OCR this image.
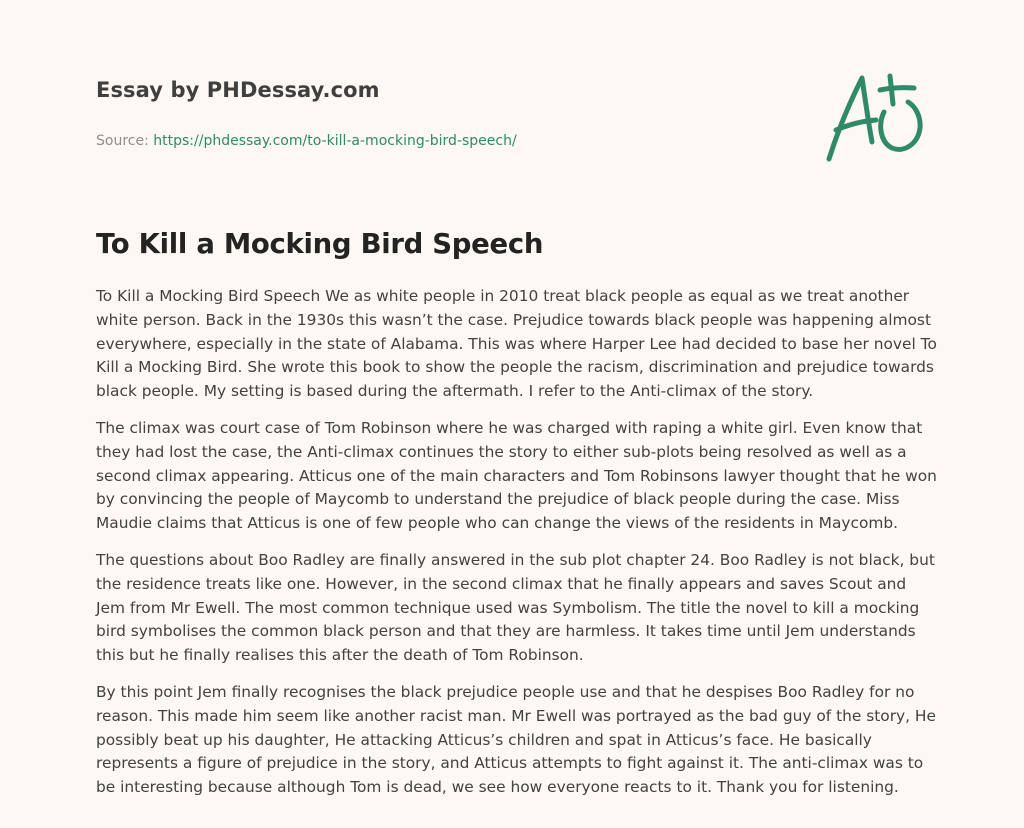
Essay by PHDessay.com
Source: https://phdessay.com/to-kill-a-mocking-bird-speech/
To Kill a Mocking Bird Speech

To Kill a Mocking Bird Speech We as white people in 2010 treat black people as equal as we treat another white person. Back in the 1930s this wasn’t the case. Prejudice towards black people was happening almost everywhere, especially in the state of Alabama. This was where Harper Lee had decided to base her novel To Kill a Mocking Bird. She wrote this book to show the people the racism, discrimination and prejudice towards black people. My setting is based during the aftermath. I refer to the Anti-climax of the story.

The climax was court case of Tom Robinson where he was charged with raping a white girl. Even know that they had lost the case, the Anti-climax continues the story to either sub-plots being resolved as well as a second climax appearing. Atticus one of the main characters and Tom Robinsons lawyer thought that he won by convincing the people of Maycomb to understand the prejudice of black people during the case. Miss Maudie claims that Atticus is one of few people who can change the views of the residents in Maycomb.

The questions about Boo Radley are finally answered in the sub plot chapter 24. Boo Radley is not black, but the residence treats like one. However, in the second climax that he finally appears and saves Scout and Jem from Mr Ewell. The most common technique used was Symbolism. The title the novel to kill a mocking bird symbolises the common black person and that they are harmless. It takes time until Jem understands this but he finally realises this after the death of Tom Robinson.

By this point Jem finally recognises the black prejudice people use and that he despises Boo Radley for no reason. This made him seem like another racist man. Mr Ewell was portrayed as the bad guy of the story, He possibly beat up his daughter, He attacking Atticus’s children and spat in Atticus’s face. He basically represents a figure of prejudice in the story, and Atticus attempts to fight against it. The anti-climax was to be interesting because although Tom is dead, we see how everyone reacts to it. Thank you for listening.
